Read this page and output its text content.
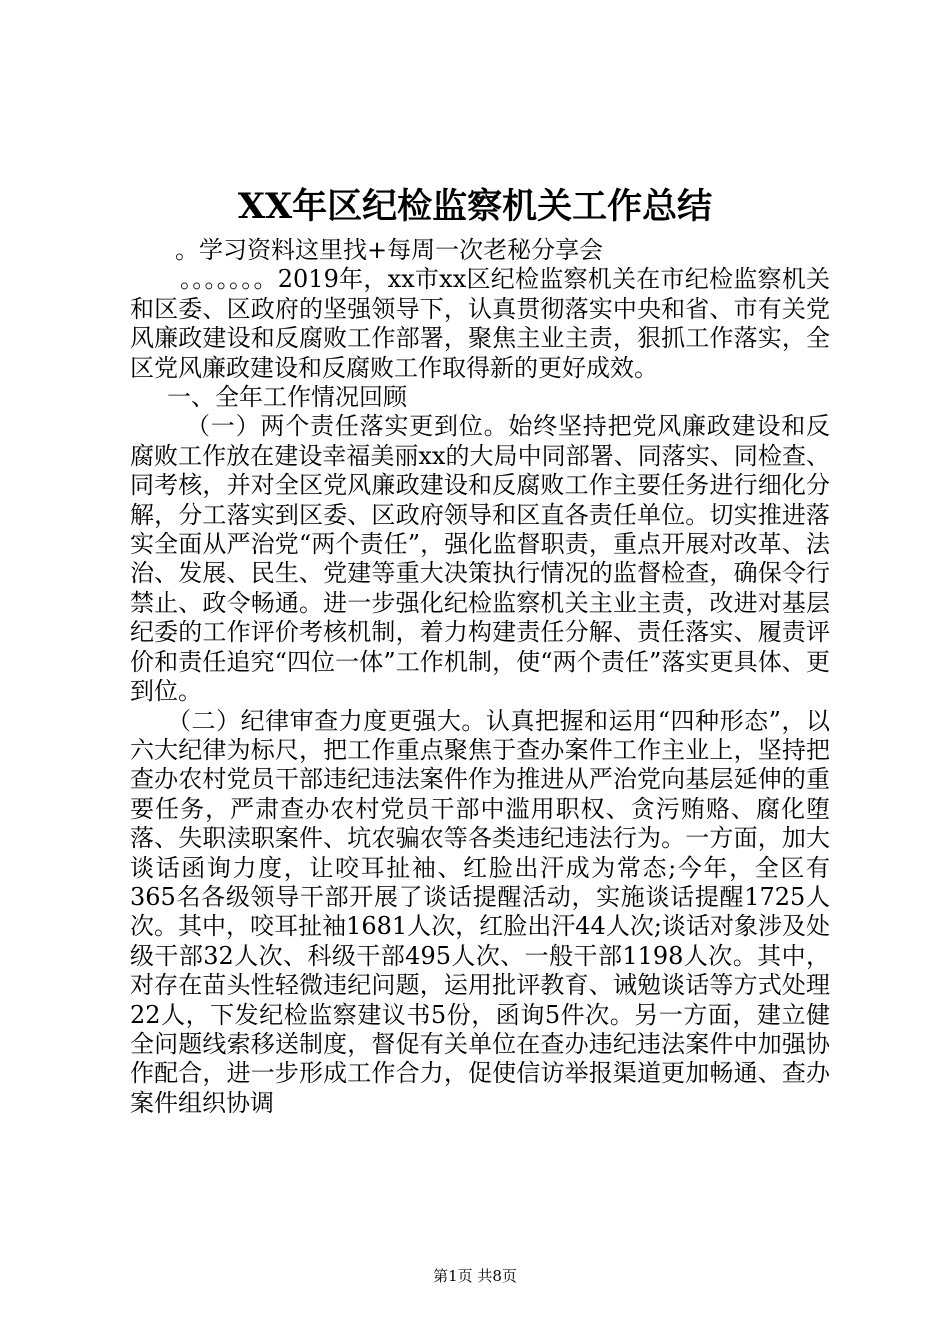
XX年区纪检监察机关工作总结

。学习资料这里找+每周一次老秘分享会

。。。。。。。2019年，xx市xx区纪检监察机关在市纪检监察机关和区委、区政府的坚强领导下，认真贯彻落实中央和省、市有关党风廉政建设和反腐败工作部署，聚焦主业主责，狠抓工作落实，全区党风廉政建设和反腐败工作取得新的更好成效。

一、全年工作情况回顾

（一）两个责任落实更到位。始终坚持把党风廉政建设和反腐败工作放在建设幸福美丽xx的大局中同部署、同落实、同检查、同考核，并对全区党风廉政建设和反腐败工作主要任务进行细化分解，分工落实到区委、区政府领导和区直各责任单位。切实推进落实全面从严治党“两个责任”，强化监督职责，重点开展对改革、法治、发展、民生、党建等重大决策执行情况的监督检查，确保令行禁止、政令畅通。进一步强化纪检监察机关主业主责，改进对基层纪委的工作评价考核机制，着力构建责任分解、责任落实、履责评价和责任追究“四位一体”工作机制，使“两个责任”落实更具体、更到位。

（二）纪律审查力度更强大。认真把握和运用“四种形态”，以六大纪律为标尺，把工作重点聚焦于查办案件工作主业上，坚持把查办农村党员干部违纪违法案件作为推进从严治党向基层延伸的重要任务，严肃查办农村党员干部中滥用职权、贪污贿赂、腐化堕落、失职渎职案件、坑农骗农等各类违纪违法行为。一方面，加大谈话函询力度，让咬耳扯袖、红脸出汗成为常态;今年，全区有365名各级领导干部开展了谈话提醒活动，实施谈话提醒1725人次。其中，咬耳扯袖1681人次，红脸出汗44人次;谈话对象涉及处级干部32人次、科级干部495人次、一般干部1198人次。其中，对存在苗头性轻微违纪问题，运用批评教育、诫勉谈话等方式处理22人，下发纪检监察建议书5份，函询5件次。另一方面，建立健全问题线索移送制度，督促有关单位在查办违纪违法案件中加强协作配合，进一步形成工作合力，促使信访举报渠道更加畅通、查办案件组织协调

第1页 共8页
